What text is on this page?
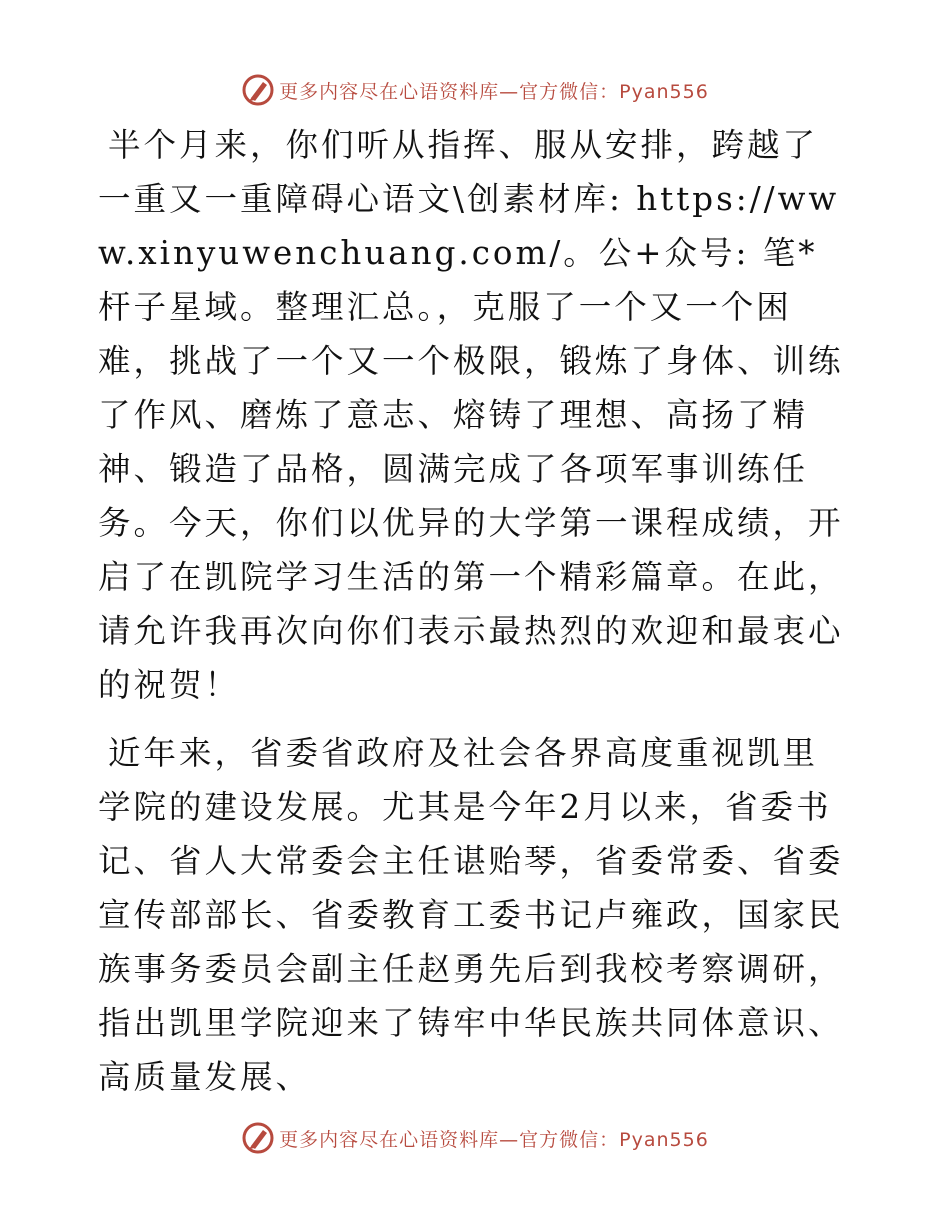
更多内容尽在心语资料库—官方微信：Pyan556

半个月来，你们听从指挥、服从安排，跨越了一重又一重障碍心语文\创素材库: https://www.xinyuwenchuang.com/。公+众号: 笔*杆子星域。整理汇总。，克服了一个又一个困难，挑战了一个又一个极限，锻炼了身体、训练了作风、磨炼了意志、熔铸了理想、高扬了精神、锻造了品格，圆满完成了各项军事训练任务。今天，你们以优异的大学第一课程成绩，开启了在凯院学习生活的第一个精彩篇章。在此，请允许我再次向你们表示最热烈的欢迎和最衷心的祝贺！

近年来，省委省政府及社会各界高度重视凯里学院的建设发展。尤其是今年2月以来，省委书记、省人大常委会主任谌贻琴，省委常委、省委宣传部部长、省委教育工委书记卢雍政，国家民族事务委员会副主任赵勇先后到我校考察调研，指出凯里学院迎来了铸牢中华民族共同体意识、高质量发展、

更多内容尽在心语资料库—官方微信：Pyan556
